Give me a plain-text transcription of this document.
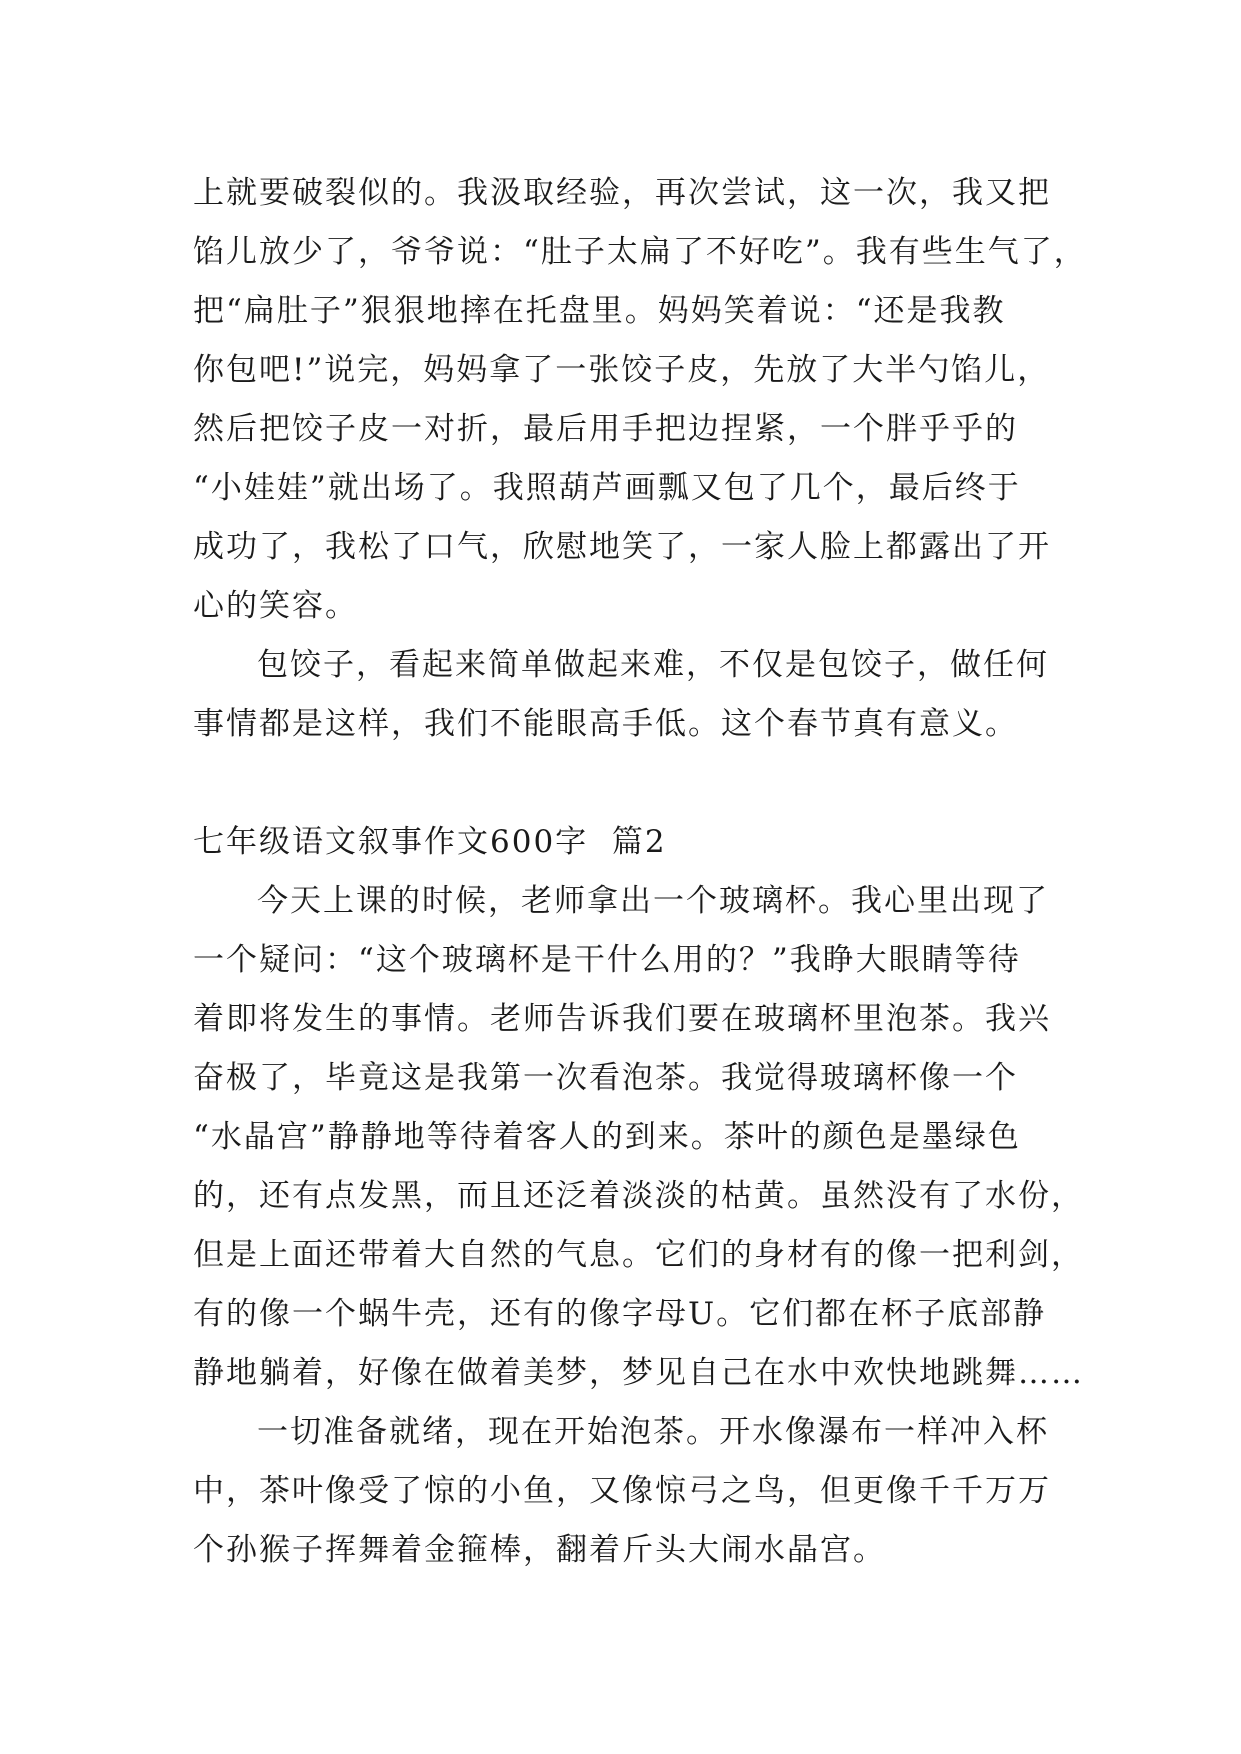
上就要破裂似的。我汲取经验，再次尝试，这一次，我又把
馅儿放少了，爷爷说：“肚子太扁了不好吃”。我有些生气了，
把“扁肚子”狠狠地摔在托盘里。妈妈笑着说：“还是我教
你包吧!”说完，妈妈拿了一张饺子皮，先放了大半勺馅儿，
然后把饺子皮一对折，最后用手把边捏紧，一个胖乎乎的
“小娃娃”就出场了。我照葫芦画瓢又包了几个，最后终于
成功了，我松了口气，欣慰地笑了，一家人脸上都露出了开
心的笑容。
包饺子，看起来简单做起来难，不仅是包饺子，做任何
事情都是这样，我们不能眼高手低。这个春节真有意义。
七年级语文叙事作文600字  篇2
今天上课的时候，老师拿出一个玻璃杯。我心里出现了
一个疑问：“这个玻璃杯是干什么用的？”我睁大眼睛等待
着即将发生的事情。老师告诉我们要在玻璃杯里泡茶。我兴
奋极了，毕竟这是我第一次看泡茶。我觉得玻璃杯像一个
“水晶宫”静静地等待着客人的到来。茶叶的颜色是墨绿色
的，还有点发黑，而且还泛着淡淡的枯黄。虽然没有了水份，
但是上面还带着大自然的气息。它们的身材有的像一把利剑，
有的像一个蜗牛壳，还有的像字母U。它们都在杯子底部静
静地躺着，好像在做着美梦，梦见自己在水中欢快地跳舞……
一切准备就绪，现在开始泡茶。开水像瀑布一样冲入杯
中，茶叶像受了惊的小鱼，又像惊弓之鸟，但更像千千万万
个孙猴子挥舞着金箍棒，翻着斤头大闹水晶宫。
